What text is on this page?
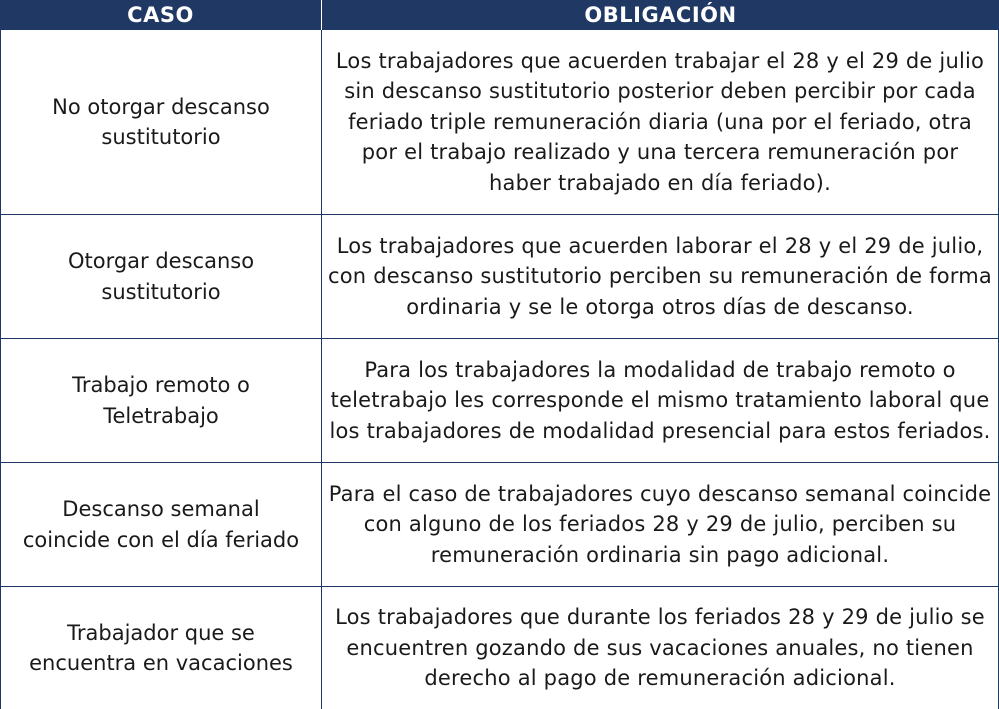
CASO	OBLIGACIÓN
No otorgar descanso sustitutorio
Los trabajadores que acuerden trabajar el 28 y el 29 de julio sin descanso sustitutorio posterior deben percibir por cada feriado triple remuneración diaria (una por el feriado, otra por el trabajo realizado y una tercera remuneración por haber trabajado en día feriado).
Otorgar descanso sustitutorio
Los trabajadores que acuerden laborar el 28 y el 29 de julio, con descanso sustitutorio perciben su remuneración de forma ordinaria y se le otorga otros días de descanso.
Trabajo remoto o Teletrabajo
Para los trabajadores la modalidad de trabajo remoto o teletrabajo les corresponde el mismo tratamiento laboral que los trabajadores de modalidad presencial para estos feriados.
Descanso semanal coincide con el día feriado
Para el caso de trabajadores cuyo descanso semanal coincide con alguno de los feriados 28 y 29 de julio, perciben su remuneración ordinaria sin pago adicional.
Trabajador que se encuentra en vacaciones
Los trabajadores que durante los feriados 28 y 29 de julio se encuentren gozando de sus vacaciones anuales, no tienen derecho al pago de remuneración adicional.
